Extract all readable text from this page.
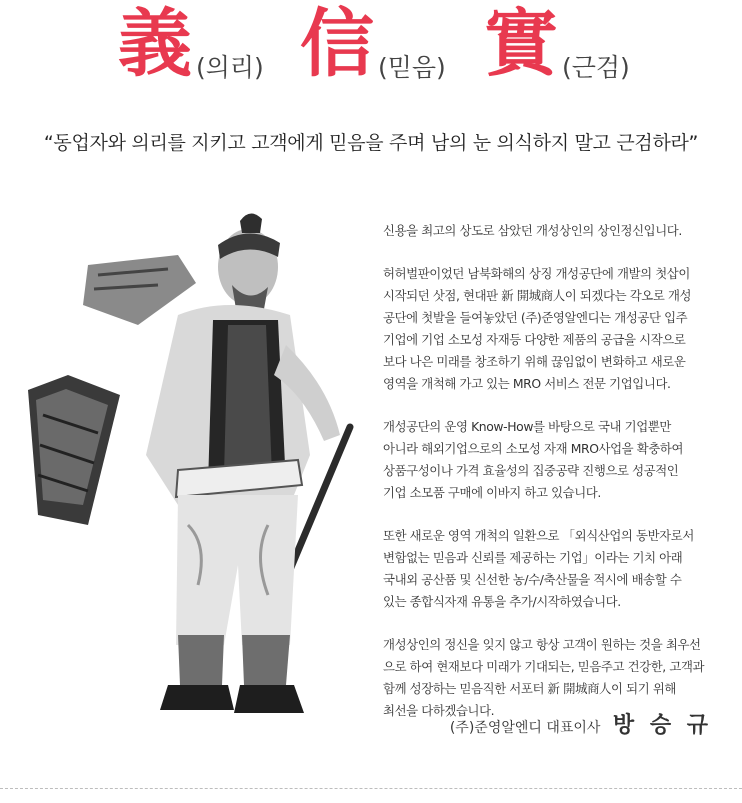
義 (의리) 信 (믿음) 實 (근검)
“동업자와 의리를 지키고 고객에게 믿음을 주며 남의 눈 의식하지 말고 근검하라”

신용을 최고의 상도로 삼았던 개성상인의 상인정신입니다.

허허벌판이었던 남북화해의 상징 개성공단에 개발의 첫삽이
시작되던 삿점, 현대판 新 開城商人이 되겠다는 각오로 개성
공단에 첫발을 들여놓았던 (주)준영알엔디는 개성공단 입주
기업에 기업 소모성 자재등 다양한 제품의 공급을 시작으로
보다 나은 미래를 창조하기 위해 끊임없이 변화하고 새로운
영역을 개척해 가고 있는 MRO 서비스 전문 기업입니다.

개성공단의 운영 Know-How를 바탕으로 국내 기업뿐만
아니라 해외기업으로의 소모성 자재 MRO사업을 확충하여
상품구성이나 가격 효율성의 집중공략 진행으로 성공적인
기업 소모품 구매에 이바지 하고 있습니다.

또한 새로운 영역 개척의 일환으로 「외식산업의 동반자로서
변함없는 믿음과 신뢰를 제공하는 기업」이라는 기치 아래
국내외 공산품 및 신선한 농/수/축산물을 적시에 배송할 수
있는 종합식자재 유통을 추가/시작하였습니다.

개성상인의 정신을 잊지 않고 항상 고객이 원하는 것을 최우선
으로 하여 현재보다 미래가 기대되는, 믿음주고 건강한, 고객과
함께 성장하는 믿음직한 서포터 新 開城商人이 되기 위해
최선을 다하겠습니다.

(주)준영알엔디 대표이사 방 승 규
